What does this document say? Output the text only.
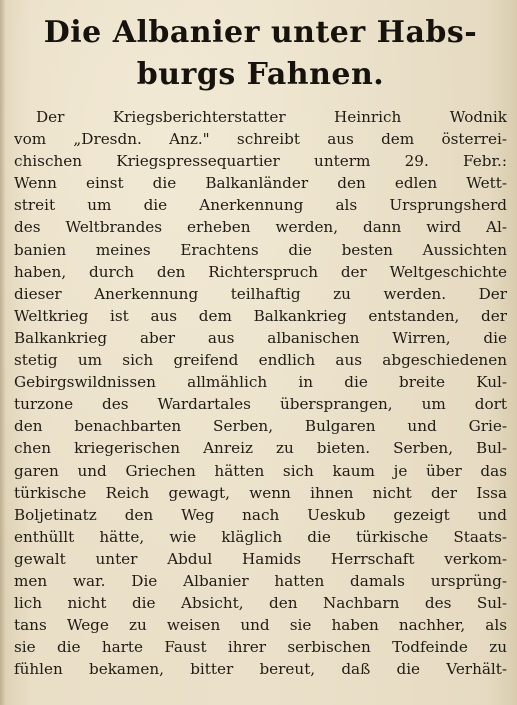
Die Albanier unter Habs-
burgs Fahnen.
Der Kriegsberichterstatter Heinrich Wodnik
vom „Dresdn. Anz." schreibt aus dem österrei-
chischen Kriegspressequartier unterm 29. Febr.:
Wenn einst die Balkanländer den edlen Wett-
streit um die Anerkennung als Ursprungsherd
des Weltbrandes erheben werden, dann wird Al-
banien meines Erachtens die besten Aussichten
haben, durch den Richterspruch der Weltgeschichte
dieser Anerkennung teilhaftig zu werden. Der
Weltkrieg ist aus dem Balkankrieg entstanden, der
Balkankrieg aber aus albanischen Wirren, die
stetig um sich greifend endlich aus abgeschiedenen
Gebirgswildnissen allmählich in die breite Kul-
turzone des Wardartales übersprangen, um dort
den benachbarten Serben, Bulgaren und Grie-
chen kriegerischen Anreiz zu bieten. Serben, Bul-
garen und Griechen hätten sich kaum je über das
türkische Reich gewagt, wenn ihnen nicht der Issa
Boljetinatz den Weg nach Ueskub gezeigt und
enthüllt hätte, wie kläglich die türkische Staats-
gewalt unter Abdul Hamids Herrschaft verkom-
men war. Die Albanier hatten damals ursprüng-
lich nicht die Absicht, den Nachbarn des Sul-
tans Wege zu weisen und sie haben nachher, als
sie die harte Faust ihrer serbischen Todfeinde zu
fühlen bekamen, bitter bereut, daß die Verhält-
